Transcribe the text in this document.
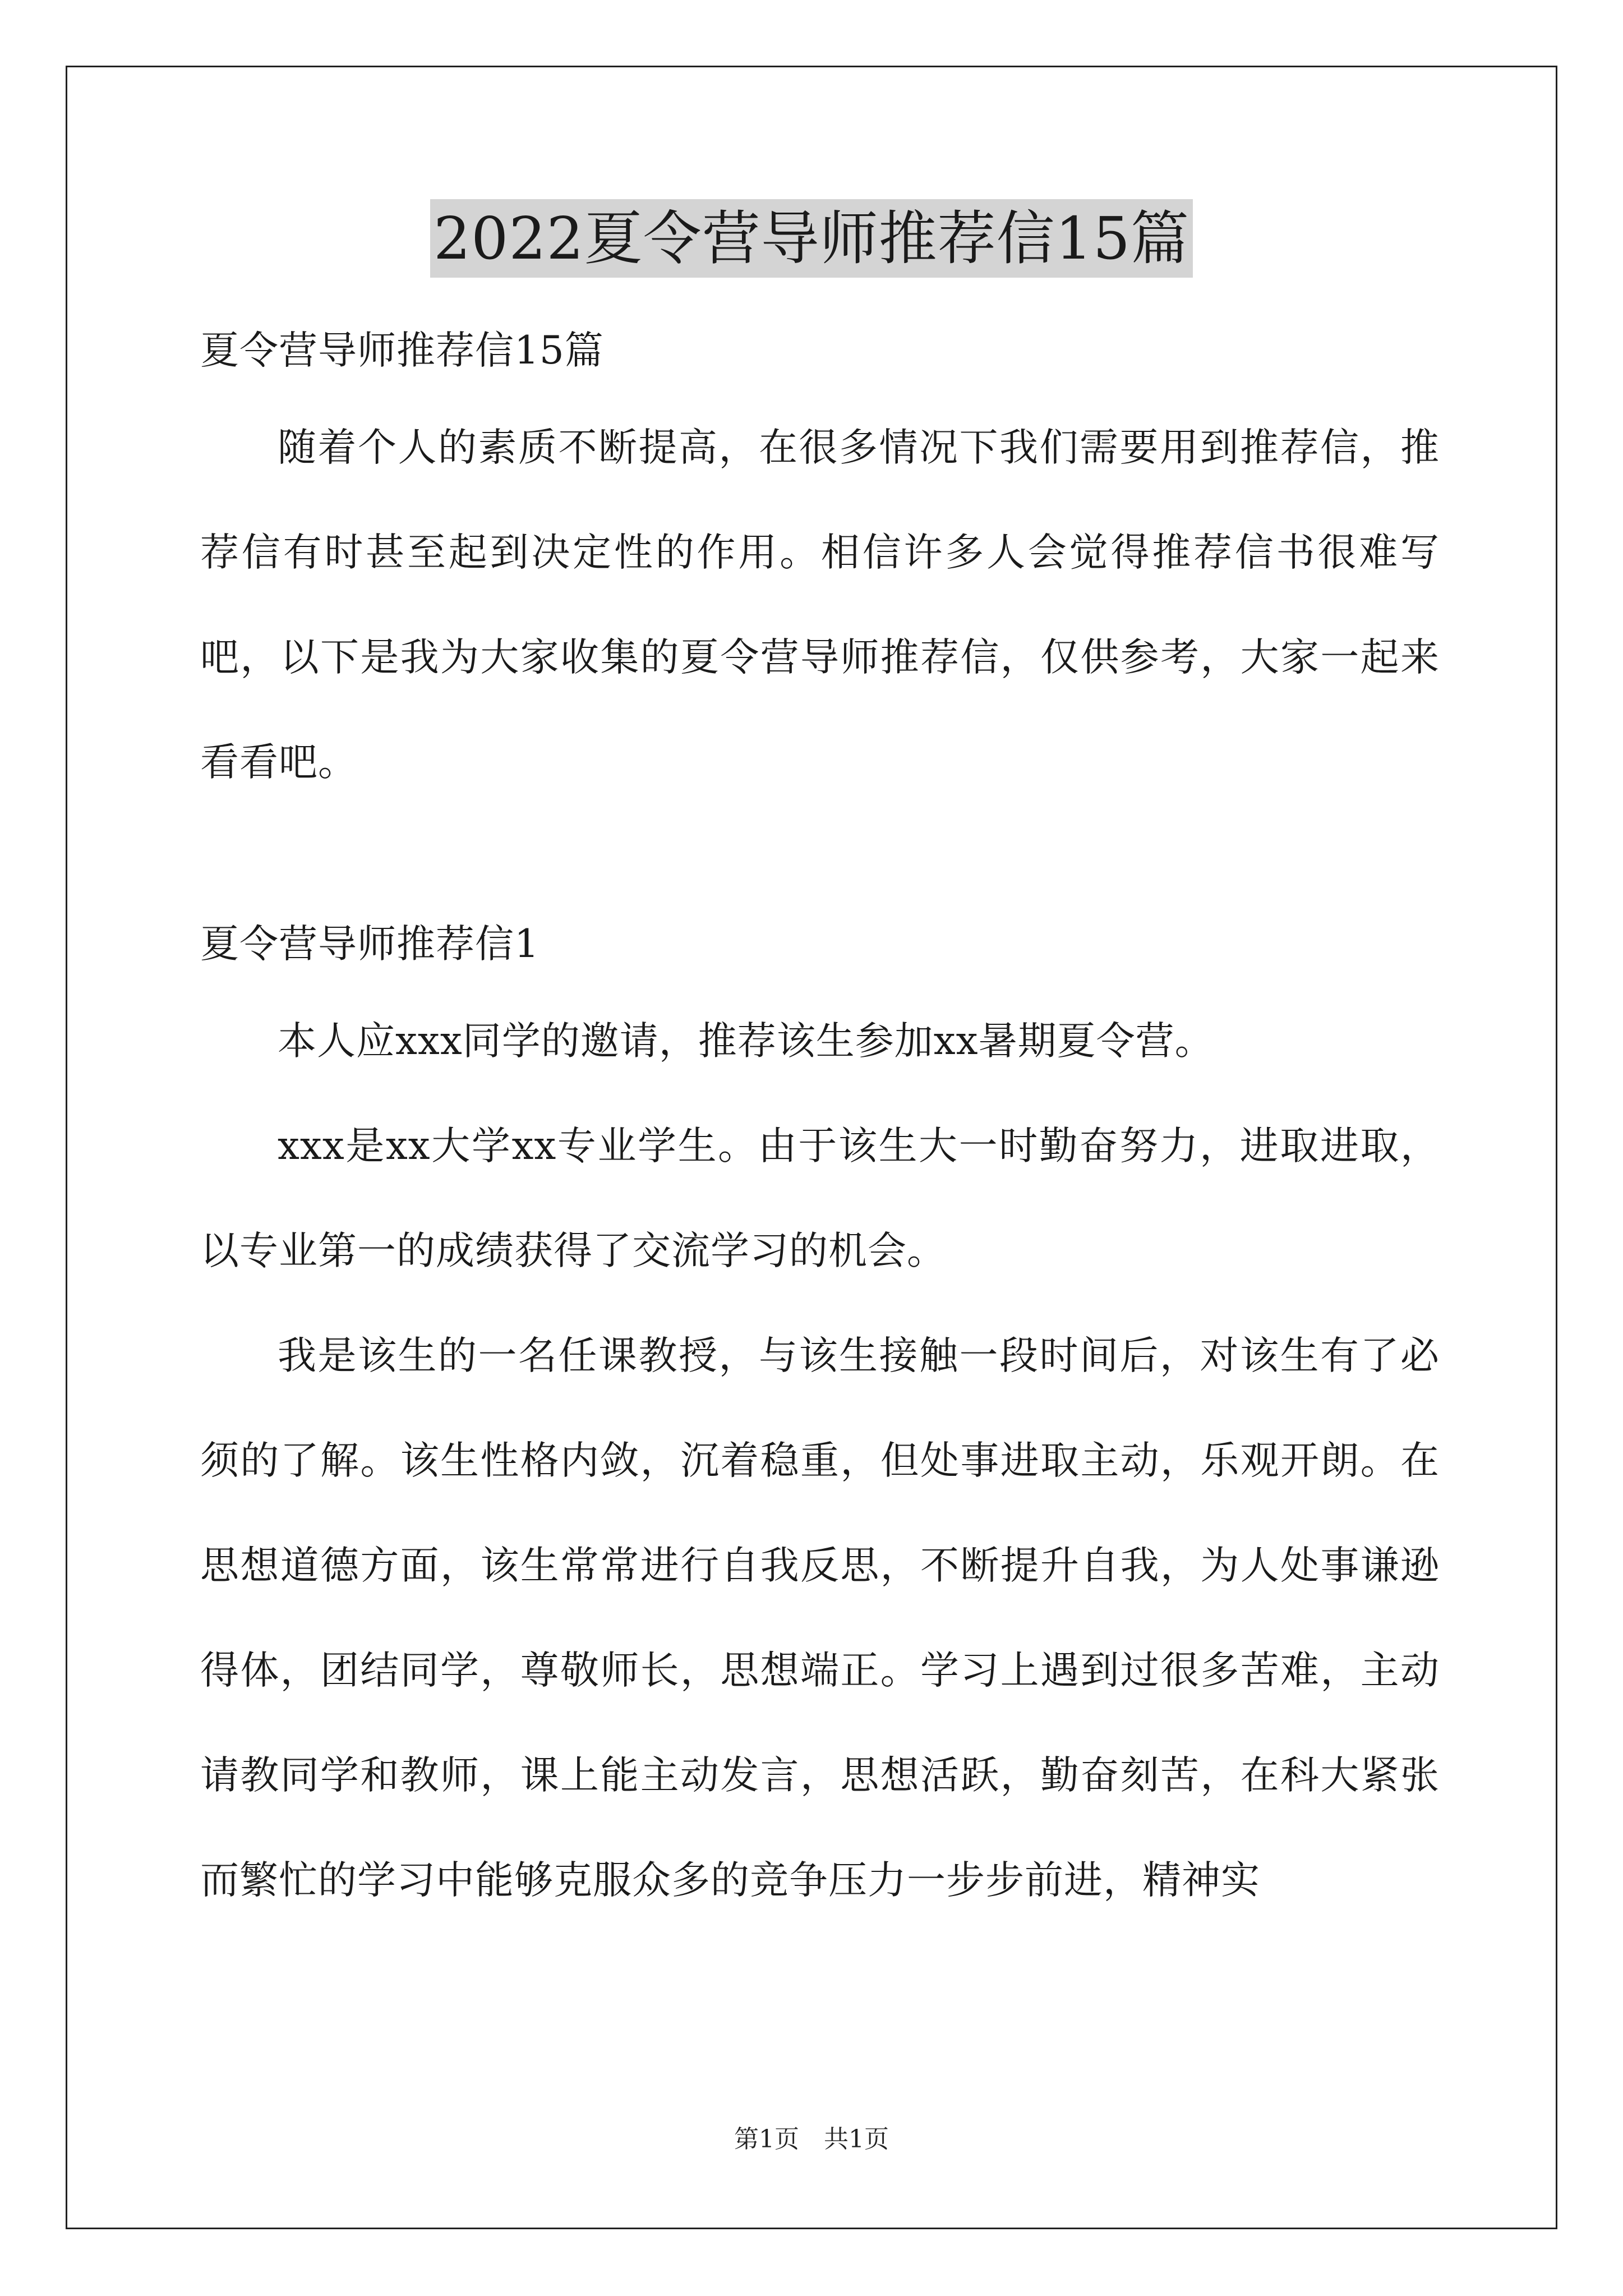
2022夏令营导师推荐信15篇

夏令营导师推荐信15篇

随着个人的素质不断提高，在很多情况下我们需要用到推荐信，推荐信有时甚至起到决定性的作用。相信许多人会觉得推荐信书很难写吧，以下是我为大家收集的夏令营导师推荐信，仅供参考，大家一起来看看吧。

夏令营导师推荐信1

本人应xxx同学的邀请，推荐该生参加xx暑期夏令营。

xxx是xx大学xx专业学生。由于该生大一时勤奋努力，进取进取，以专业第一的成绩获得了交流学习的机会。

我是该生的一名任课教授，与该生接触一段时间后，对该生有了必须的了解。该生性格内敛，沉着稳重，但处事进取主动，乐观开朗。在思想道德方面，该生常常进行自我反思，不断提升自我，为人处事谦逊得体，团结同学，尊敬师长，思想端正。学习上遇到过很多苦难，主动请教同学和教师，课上能主动发言，思想活跃，勤奋刻苦，在科大紧张而繁忙的学习中能够克服众多的竞争压力一步步前进，精神实

第1页　共1页
